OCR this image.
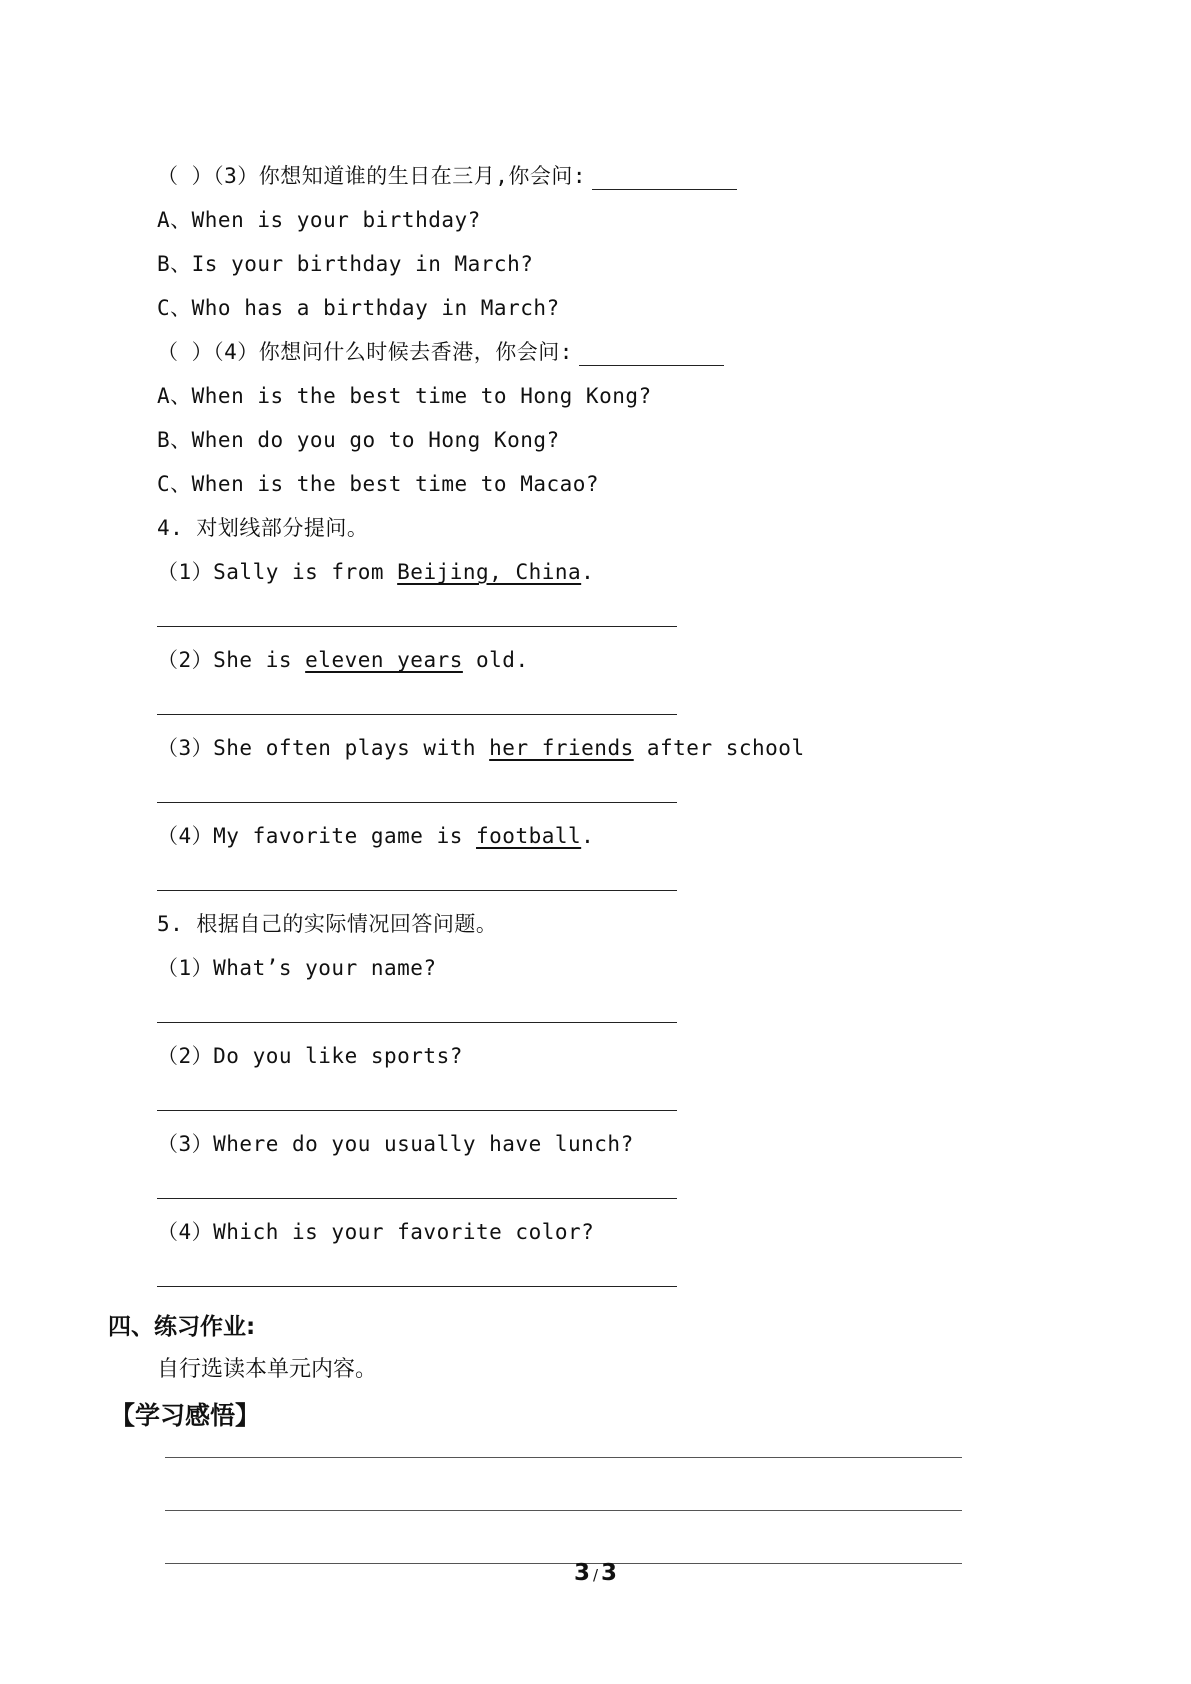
（ ）（3）你想知道谁的生日在三月,你会问:
A、When is your birthday?
B、Is your birthday in March?
C、Who has a birthday in March?
（ ）（4）你想问什么时候去香港，你会问:
A、When is the best time to Hong Kong?
B、When do you go to Hong Kong?
C、When is the best time to Macao?
4. 对划线部分提问。
（1）Sally is from Beijing, China.
（2）She is eleven years old.
（3）She often plays with her friends after school
（4）My favorite game is football.
5. 根据自己的实际情况回答问题。
（1）What’s your name?
（2）Do you like sports?
（3）Where do you usually have lunch?
（4）Which is your favorite color?
四、练习作业:
自行选读本单元内容。
【学习感悟】
3 / 3
